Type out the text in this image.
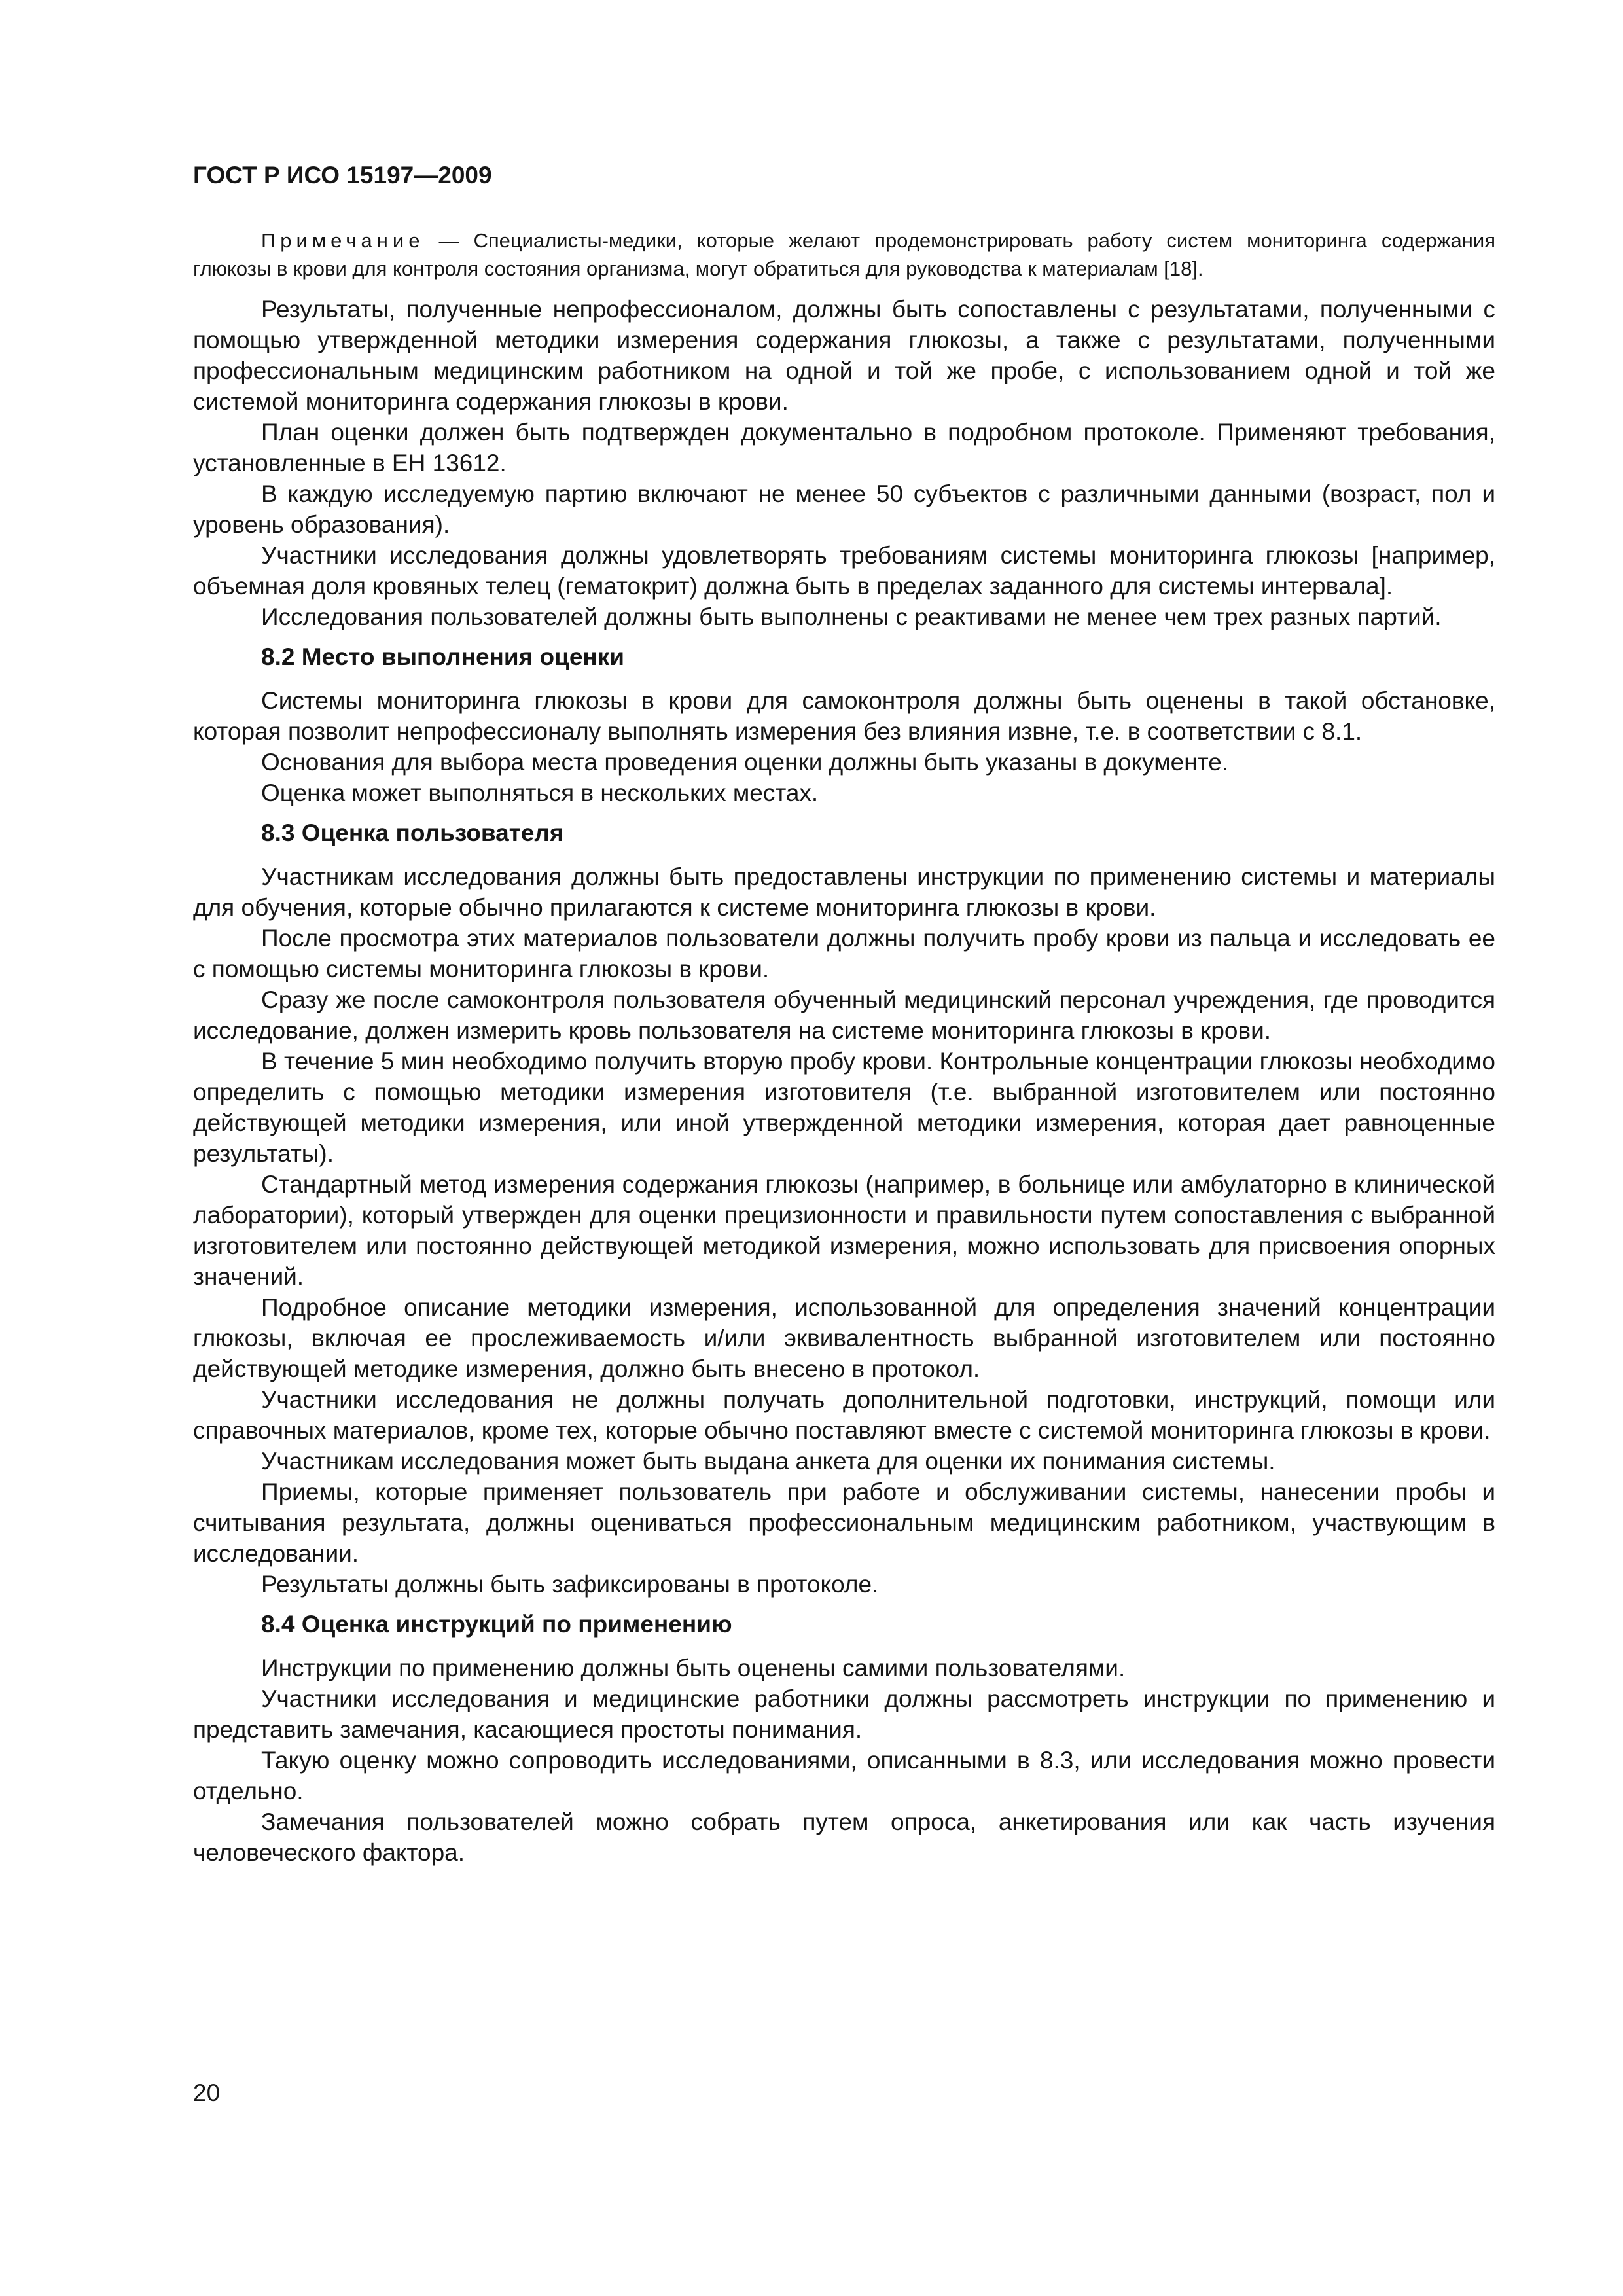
ГОСТ Р ИСО 15197—2009

Примечание — Специалисты-медики, которые желают продемонстрировать работу систем мониторинга содержания глюкозы в крови для контроля состояния организма, могут обратиться для руководства к материалам [18].

Результаты, полученные непрофессионалом, должны быть сопоставлены с результатами, полученными с помощью утвержденной методики измерения содержания глюкозы, а также с результатами, полученными профессиональным медицинским работником на одной и той же пробе, с использованием одной и той же системой мониторинга содержания глюкозы в крови.

План оценки должен быть подтвержден документально в подробном протоколе. Применяют требования, установленные в ЕН 13612.

В каждую исследуемую партию включают не менее 50 субъектов с различными данными (возраст, пол и уровень образования).

Участники исследования должны удовлетворять требованиям системы мониторинга глюкозы [например, объемная доля кровяных телец (гематокрит) должна быть в пределах заданного для системы интервала].

Исследования пользователей должны быть выполнены с реактивами не менее чем трех разных партий.

8.2 Место выполнения оценки

Системы мониторинга глюкозы в крови для самоконтроля должны быть оценены в такой обстановке, которая позволит непрофессионалу выполнять измерения без влияния извне, т.е. в соответствии с 8.1.

Основания для выбора места проведения оценки должны быть указаны в документе.

Оценка может выполняться в нескольких местах.

8.3 Оценка пользователя

Участникам исследования должны быть предоставлены инструкции по применению системы и материалы для обучения, которые обычно прилагаются к системе мониторинга глюкозы в крови.

После просмотра этих материалов пользователи должны получить пробу крови из пальца и исследовать ее с помощью системы мониторинга глюкозы в крови.

Сразу же после самоконтроля пользователя обученный медицинский персонал учреждения, где проводится исследование, должен измерить кровь пользователя на системе мониторинга глюкозы в крови.

В течение 5 мин необходимо получить вторую пробу крови. Контрольные концентрации глюкозы необходимо определить с помощью методики измерения изготовителя (т.е. выбранной изготовителем или постоянно действующей методики измерения, или иной утвержденной методики измерения, которая дает равноценные результаты).

Стандартный метод измерения содержания глюкозы (например, в больнице или амбулаторно в клинической лаборатории), который утвержден для оценки прецизионности и правильности путем сопоставления с выбранной изготовителем или постоянно действующей методикой измерения, можно использовать для присвоения опорных значений.

Подробное описание методики измерения, использованной для определения значений концентрации глюкозы, включая ее прослеживаемость и/или эквивалентность выбранной изготовителем или постоянно действующей методике измерения, должно быть внесено в протокол.

Участники исследования не должны получать дополнительной подготовки, инструкций, помощи или справочных материалов, кроме тех, которые обычно поставляют вместе с системой мониторинга глюкозы в крови.

Участникам исследования может быть выдана анкета для оценки их понимания системы.

Приемы, которые применяет пользователь при работе и обслуживании системы, нанесении пробы и считывания результата, должны оцениваться профессиональным медицинским работником, участвующим в исследовании.

Результаты должны быть зафиксированы в протоколе.

8.4 Оценка инструкций по применению

Инструкции по применению должны быть оценены самими пользователями.

Участники исследования и медицинские работники должны рассмотреть инструкции по применению и представить замечания, касающиеся простоты понимания.

Такую оценку можно сопроводить исследованиями, описанными в 8.3, или исследования можно провести отдельно.

Замечания пользователей можно собрать путем опроса, анкетирования или как часть изучения человеческого фактора.

20
